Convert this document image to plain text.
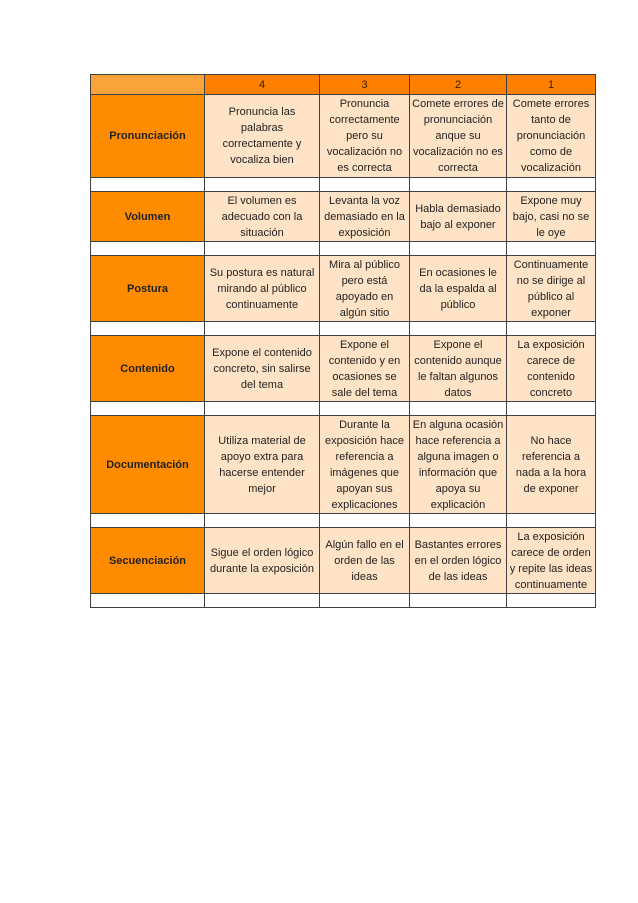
	4	3	2	1
Pronunciación	Pronuncia las palabras correctamente y vocaliza bien	Pronuncia correctamente pero su vocalización no es correcta	Comete errores de pronunciación anque su vocalización no es correcta	Comete errores tanto de pronunciación como de vocalización

Volumen	El volumen es adecuado con la situación	Levanta la voz demasiado en la exposición	Habla demasiado bajo al exponer	Expone muy bajo, casi no se le oye

Postura	Su postura es natural mirando al público continuamente	Mira al público pero está apoyado en algún sitio	En ocasiones le da la espalda al público	Continuamente no se dirige al público al exponer

Contenido	Expone el contenido concreto, sin salirse del tema	Expone el contenido y en ocasiones se sale del tema	Expone el contenido aunque le faltan algunos datos	La exposición carece de contenido concreto

Documentación	Utiliza material de apoyo extra para hacerse entender mejor	Durante la exposición hace referencia a imágenes que apoyan sus explicaciones	En alguna ocasión hace referencia a alguna imagen o información que apoya su explicación	No hace referencia a nada a la hora de exponer

Secuenciación	Sigue el orden lógico durante la exposición	Algún fallo en el orden de las ideas	Bastantes errores en el orden lógico de las ideas	La exposición carece de orden y repite las ideas continuamente
